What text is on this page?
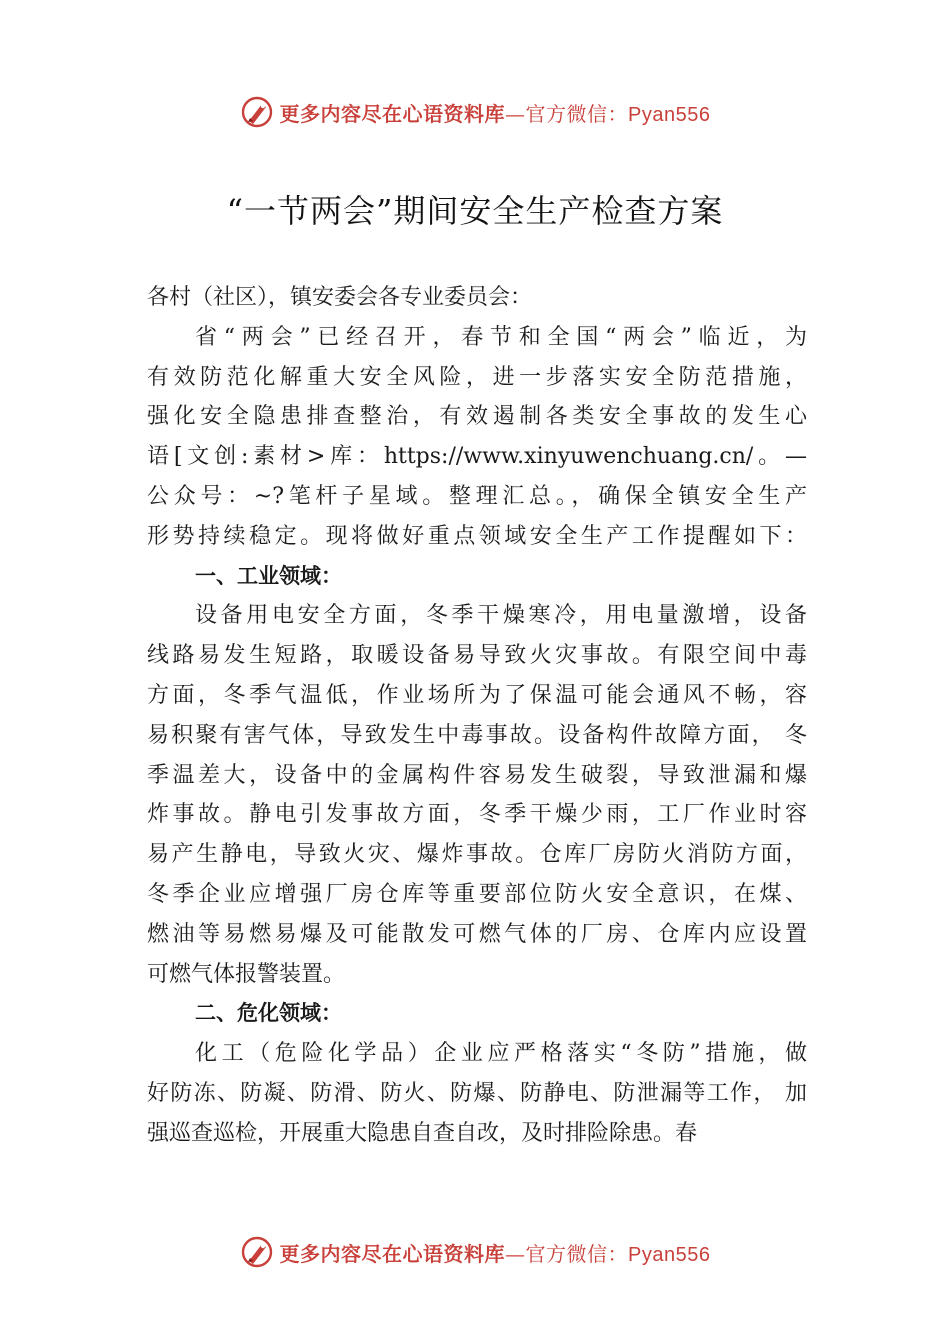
更多内容尽在心语资料库—官方微信：Pyan556
“一节两会”期间安全生产检查方案
各村（社区），镇安委会各专业委员会：
省“两会”已经召开，春节和全国“两会”临近，为
有效防范化解重大安全风险，进一步落实安全防范措施，
强化安全隐患排查整治，有效遏制各类安全事故的发生心
语[文创:素材>库：https://www.xinyuwenchuang.cn/。—
公众号：~?笔杆子星域。整理汇总。，确保全镇安全生产
形势持续稳定。现将做好重点领域安全生产工作提醒如下：
一、工业领域：
设备用电安全方面，冬季干燥寒冷，用电量激增，设备
线路易发生短路，取暖设备易导致火灾事故。有限空间中毒
方面，冬季气温低，作业场所为了保温可能会通风不畅，容
易积聚有害气体，导致发生中毒事故。设备构件故障方面， 冬
季温差大，设备中的金属构件容易发生破裂，导致泄漏和爆
炸事故。静电引发事故方面，冬季干燥少雨，工厂作业时容
易产生静电，导致火灾、爆炸事故。仓库厂房防火消防方面，
冬季企业应增强厂房仓库等重要部位防火安全意识，在煤、
燃油等易燃易爆及可能散发可燃气体的厂房、仓库内应设置
可燃气体报警装置。
二、危化领域：
化工（危险化学品）企业应严格落实“冬防”措施，做
好防冻、防凝、防滑、防火、防爆、防静电、防泄漏等工作， 加
强巡查巡检，开展重大隐患自查自改，及时排险除患。春
更多内容尽在心语资料库—官方微信：Pyan556
